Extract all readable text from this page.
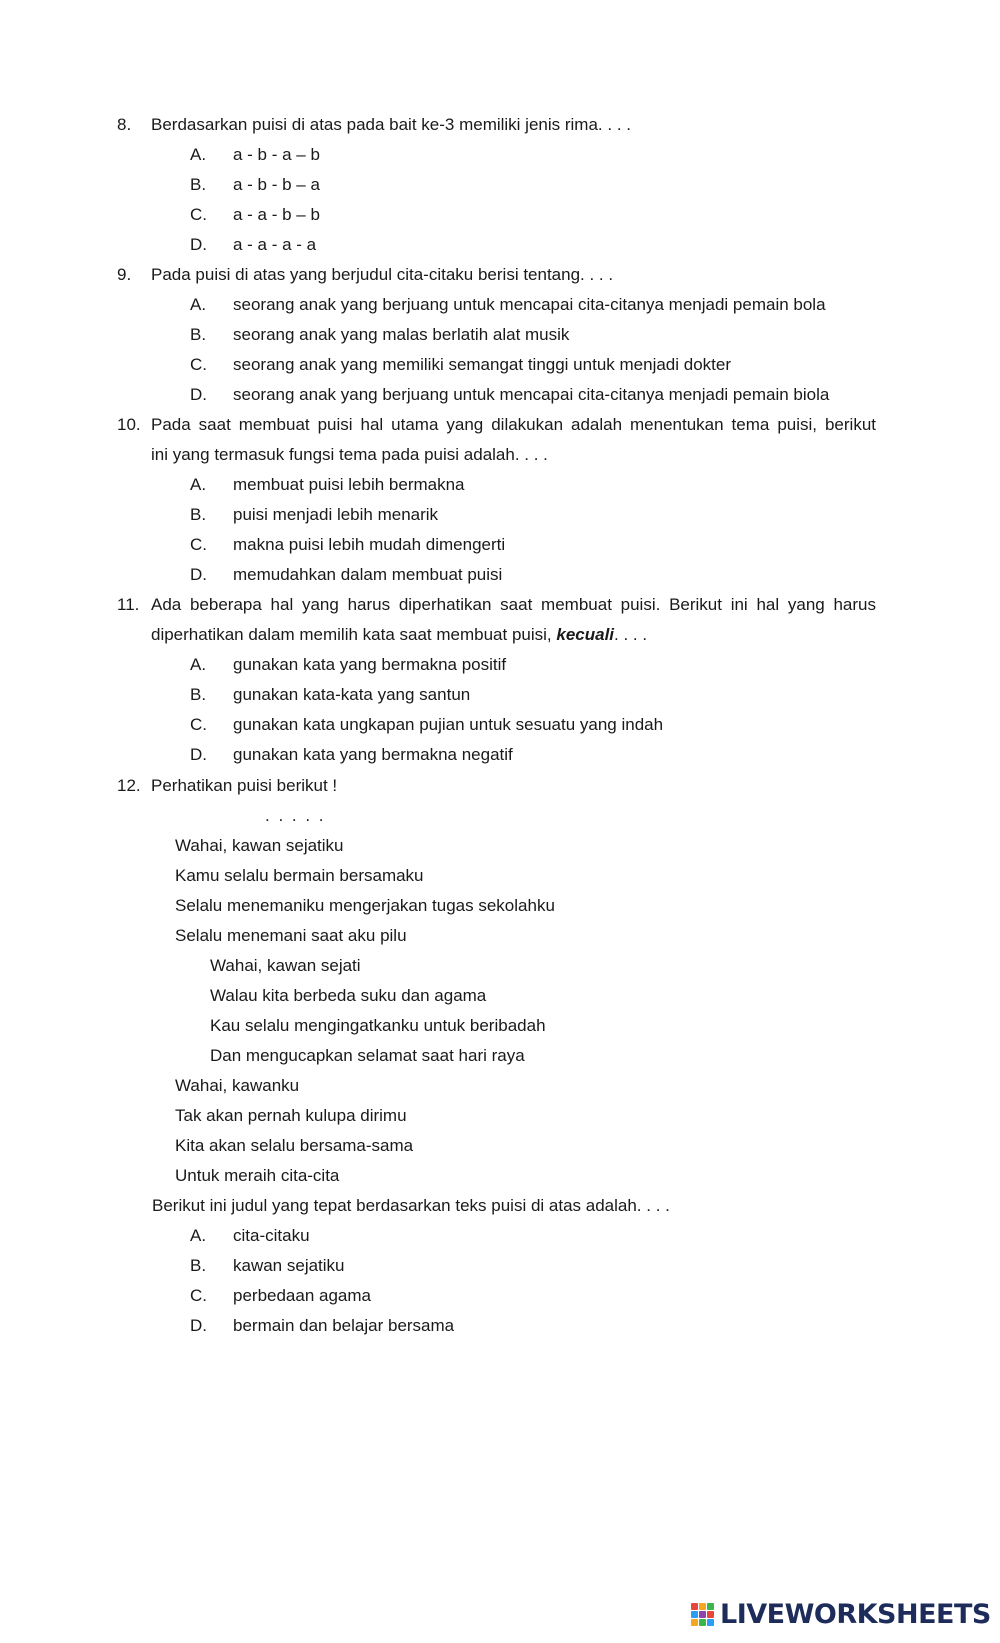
8. Berdasarkan puisi di atas pada bait ke-3 memiliki jenis rima. . . .
A. a - b - a – b
B. a - b - b – a
C. a - a - b – b
D. a - a - a - a
9. Pada puisi di atas yang berjudul cita-citaku berisi tentang. . . .
A. seorang anak yang berjuang untuk mencapai cita-citanya menjadi pemain bola
B. seorang anak yang malas berlatih alat musik
C. seorang anak yang memiliki semangat tinggi untuk menjadi dokter
D. seorang anak yang berjuang untuk mencapai cita-citanya menjadi pemain biola
10. Pada saat membuat puisi hal utama yang dilakukan adalah menentukan tema puisi, berikut
ini yang termasuk fungsi tema pada puisi adalah. . . .
A. membuat puisi lebih bermakna
B. puisi menjadi lebih menarik
C. makna puisi lebih mudah dimengerti
D. memudahkan dalam membuat puisi
11. Ada beberapa hal yang harus diperhatikan saat membuat puisi. Berikut ini hal yang harus
diperhatikan dalam memilih kata saat membuat puisi, kecuali. . . .
A. gunakan kata yang bermakna positif
B. gunakan kata-kata yang santun
C. gunakan kata ungkapan pujian untuk sesuatu yang indah
D. gunakan kata yang bermakna negatif
12. Perhatikan puisi berikut !
. . . . .
Wahai, kawan sejatiku
Kamu selalu bermain bersamaku
Selalu menemaniku mengerjakan tugas sekolahku
Selalu menemani saat aku pilu
Wahai, kawan sejati
Walau kita berbeda suku dan agama
Kau selalu mengingatkanku untuk beribadah
Dan mengucapkan selamat saat hari raya
Wahai, kawanku
Tak akan pernah kulupa dirimu
Kita akan selalu bersama-sama
Untuk meraih cita-cita
Berikut ini judul yang tepat berdasarkan teks puisi di atas adalah. . . .
A. cita-citaku
B. kawan sejatiku
C. perbedaan agama
D. bermain dan belajar bersama
LIVEWORKSHEETS
